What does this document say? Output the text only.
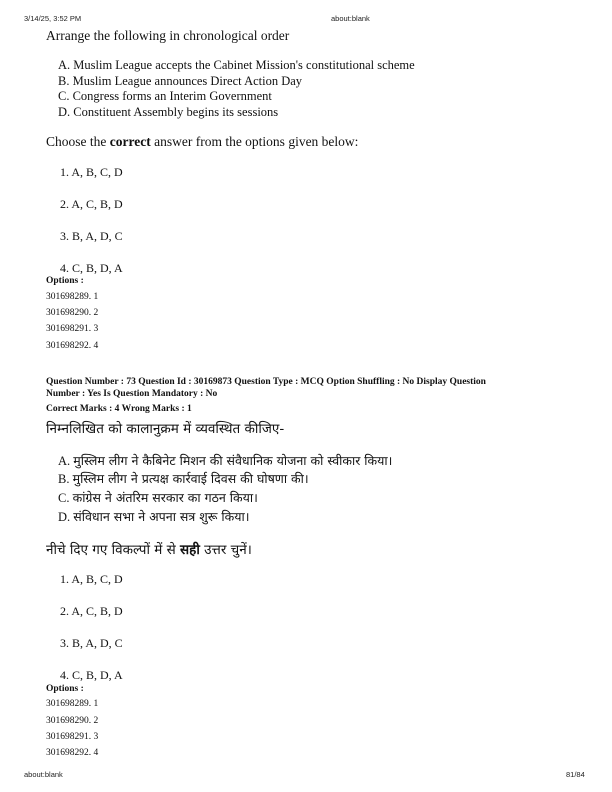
3/14/25, 3:52 PM	about:blank
Arrange the following in chronological order
A. Muslim League accepts the Cabinet Mission's constitutional scheme
B. Muslim League announces Direct Action Day
C. Congress forms an Interim Government
D. Constituent Assembly begins its sessions
Choose the correct answer from the options given below:
1. A, B, C, D
2. A, C, B, D
3. B, A, D, C
4. C, B, D, A
Options :
301698289. 1
301698290. 2
301698291. 3
301698292. 4
Question Number : 73 Question Id : 30169873 Question Type : MCQ Option Shuffling : No Display Question
Number : Yes Is Question Mandatory : No
Correct Marks : 4 Wrong Marks : 1
निम्नलिखित को कालानुक्रम में व्यवस्थित कीजिए-
A. मुस्लिम लीग ने कैबिनेट मिशन की संवैधानिक योजना को स्वीकार किया।
B. मुस्लिम लीग ने प्रत्यक्ष कार्रवाई दिवस की घोषणा की।
C. कांग्रेस ने अंतरिम सरकार का गठन किया।
D. संविधान सभा ने अपना सत्र शुरू किया।
नीचे दिए गए विकल्पों में से सही उत्तर चुनें।
1. A, B, C, D
2. A, C, B, D
3. B, A, D, C
4. C, B, D, A
Options :
301698289. 1
301698290. 2
301698291. 3
301698292. 4
about:blank	81/84
